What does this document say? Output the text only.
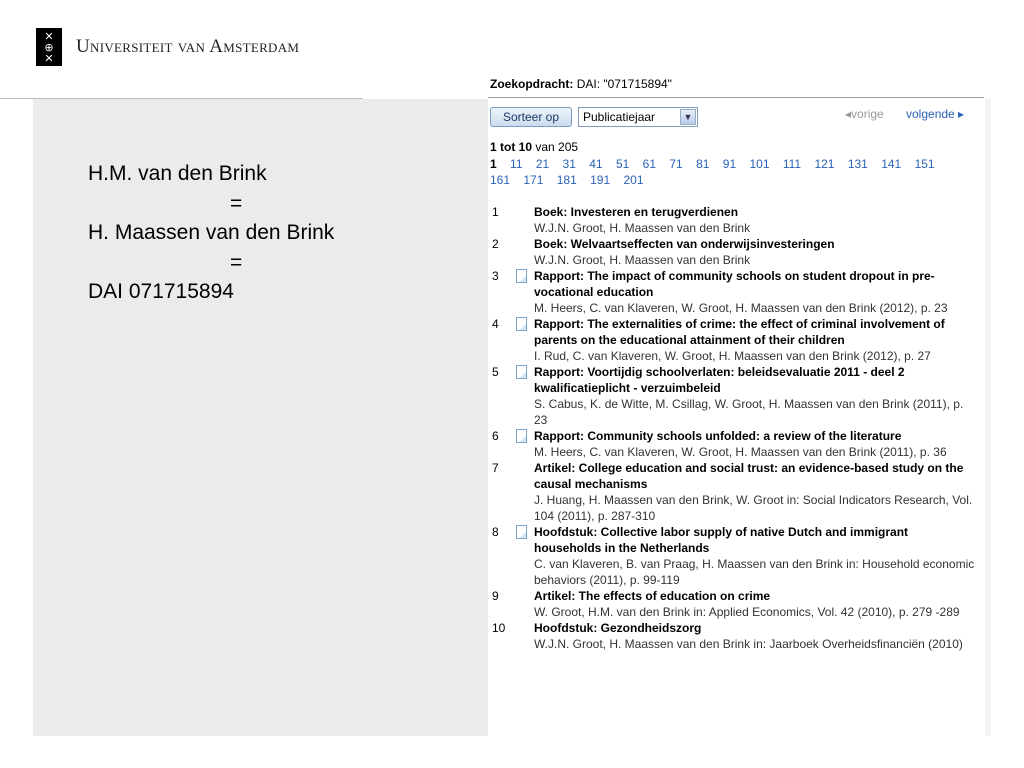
✕
⊕
✕
Universiteit van Amsterdam
H.M. van den Brink
=
H. Maassen van den Brink
=
DAI 071715894
Zoekopdracht: DAI: "071715894"
Sorteer op	Publicatiejaar	▼	◂vorige volgende ▸
1 tot 10 van 205
1 11 21 31 41 51 61 71 81 91 101 111 121 131 141 151 161 171 181 191 201
1	Boek: Investeren en terugverdienen
W.J.N. Groot, H. Maassen van den Brink
2	Boek: Welvaartseffecten van onderwijsinvesteringen
W.J.N. Groot, H. Maassen van den Brink
3	Rapport: The impact of community schools on student dropout in pre-vocational education
M. Heers, C. van Klaveren, W. Groot, H. Maassen van den Brink (2012), p. 23
4	Rapport: The externalities of crime: the effect of criminal involvement of parents on the educational attainment of their children
I. Rud, C. van Klaveren, W. Groot, H. Maassen van den Brink (2012), p. 27
5	Rapport: Voortijdig schoolverlaten: beleidsevaluatie 2011 - deel 2 kwalificatieplicht - verzuimbeleid
S. Cabus, K. de Witte, M. Csillag, W. Groot, H. Maassen van den Brink (2011), p. 23
6	Rapport: Community schools unfolded: a review of the literature
M. Heers, C. van Klaveren, W. Groot, H. Maassen van den Brink (2011), p. 36
7	Artikel: College education and social trust: an evidence-based study on the causal mechanisms
J. Huang, H. Maassen van den Brink, W. Groot in: Social Indicators Research, Vol. 104 (2011), p. 287-310
8	Hoofdstuk: Collective labor supply of native Dutch and immigrant households in the Netherlands
C. van Klaveren, B. van Praag, H. Maassen van den Brink in: Household economic behaviors (2011), p. 99-119
9	Artikel: The effects of education on crime
W. Groot, H.M. van den Brink in: Applied Economics, Vol. 42 (2010), p. 279 -289
10	Hoofdstuk: Gezondheidszorg
W.J.N. Groot, H. Maassen van den Brink in: Jaarboek Overheidsfinanciën (2010)
